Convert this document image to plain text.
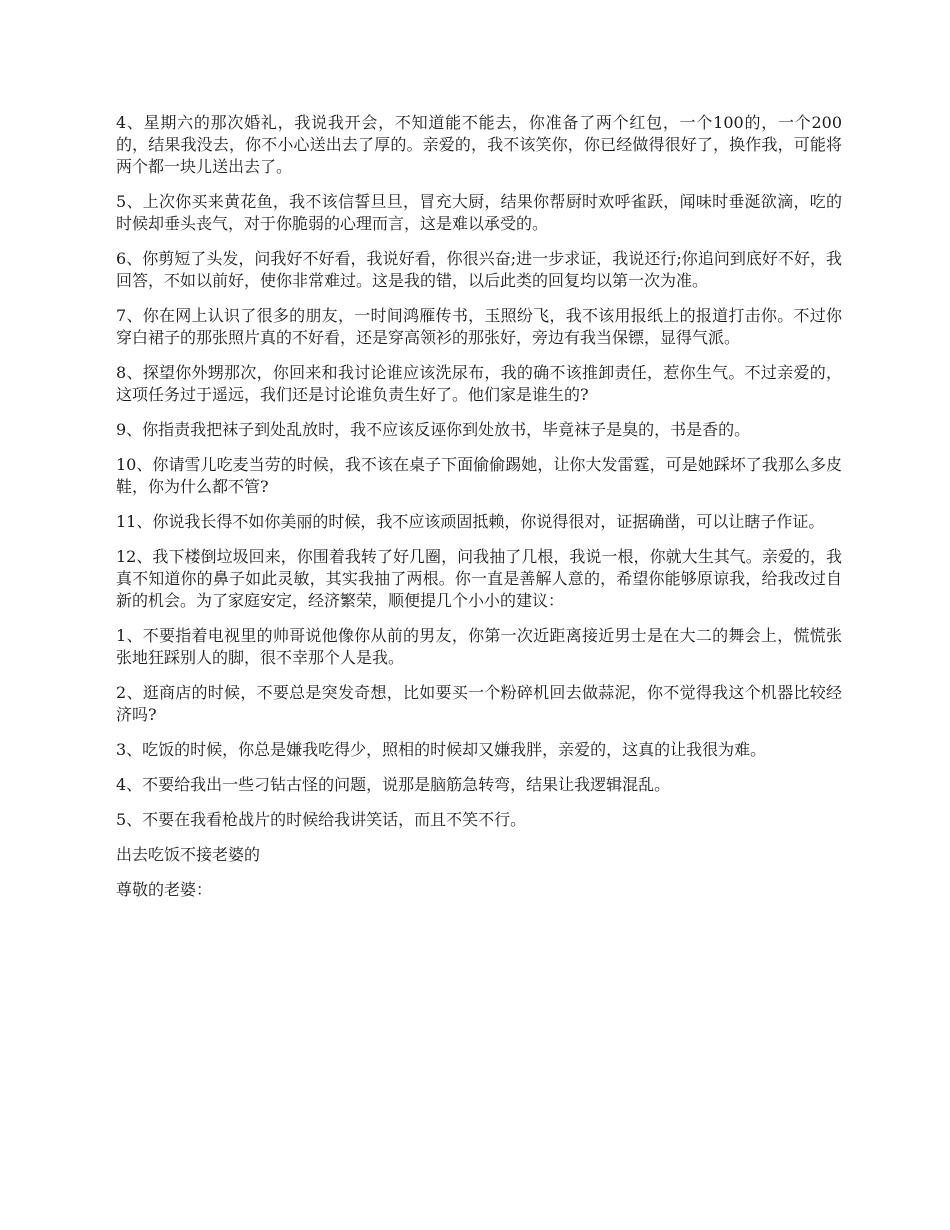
4、星期六的那次婚礼，我说我开会，不知道能不能去，你准备了两个红包，一个100的，一个200的，结果我没去，你不小心送出去了厚的。亲爱的，我不该笑你，你已经做得很好了，换作我，可能将两个都一块儿送出去了。

5、上次你买来黄花鱼，我不该信誓旦旦，冒充大厨，结果你帮厨时欢呼雀跃，闻味时垂涎欲滴，吃的时候却垂头丧气，对于你脆弱的心理而言，这是难以承受的。

6、你剪短了头发，问我好不好看，我说好看，你很兴奋;进一步求证，我说还行;你追问到底好不好，我回答，不如以前好，使你非常难过。这是我的错，以后此类的回复均以第一次为准。

7、你在网上认识了很多的朋友，一时间鸿雁传书，玉照纷飞，我不该用报纸上的报道打击你。不过你穿白裙子的那张照片真的不好看，还是穿高领衫的那张好，旁边有我当保镖，显得气派。

8、探望你外甥那次，你回来和我讨论谁应该洗尿布，我的确不该推卸责任，惹你生气。不过亲爱的，这项任务过于遥远，我们还是讨论谁负责生好了。他们家是谁生的?

9、你指责我把袜子到处乱放时，我不应该反诬你到处放书，毕竟袜子是臭的，书是香的。

10、你请雪儿吃麦当劳的时候，我不该在桌子下面偷偷踢她，让你大发雷霆，可是她踩坏了我那么多皮鞋，你为什么都不管?

11、你说我长得不如你美丽的时候，我不应该顽固抵赖，你说得很对，证据确凿，可以让瞎子作证。

12、我下楼倒垃圾回来，你围着我转了好几圈，问我抽了几根，我说一根，你就大生其气。亲爱的，我真不知道你的鼻子如此灵敏，其实我抽了两根。你一直是善解人意的，希望你能够原谅我，给我改过自新的机会。为了家庭安定，经济繁荣，顺便提几个小小的建议：

1、不要指着电视里的帅哥说他像你从前的男友，你第一次近距离接近男士是在大二的舞会上，慌慌张张地狂踩别人的脚，很不幸那个人是我。

2、逛商店的时候，不要总是突发奇想，比如要买一个粉碎机回去做蒜泥，你不觉得我这个机器比较经济吗?

3、吃饭的时候，你总是嫌我吃得少，照相的时候却又嫌我胖，亲爱的，这真的让我很为难。

4、不要给我出一些刁钻古怪的问题，说那是脑筋急转弯，结果让我逻辑混乱。

5、不要在我看枪战片的时候给我讲笑话，而且不笑不行。

出去吃饭不接老婆的

尊敬的老婆：
